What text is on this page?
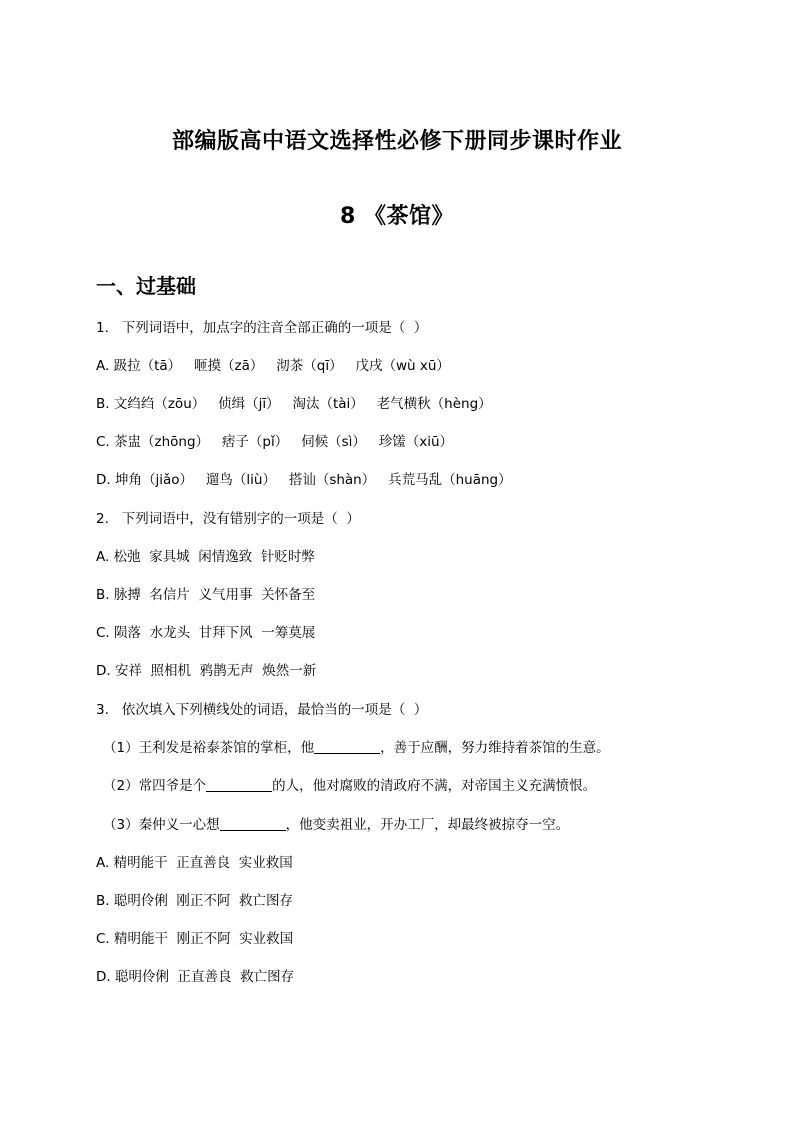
部编版高中语文选择性必修下册同步课时作业
8 《茶馆》
一、过基础
1.   下列词语中，加点字的注音全部正确的一项是（  ）
A. 趿拉（tā）   咂摸（zā）   沏茶（qī）   戊戌（wù xū）
B. 文绉绉（zōu）   侦缉（jī）   淘汰（tài）   老气横秋（hèng）
C. 茶盅（zhōng）   痞子（pǐ）   伺候（sì）   珍馐（xiū）
D. 坤角（jiǎo）   遛鸟（liù）   搭讪（shàn）   兵荒马乱（huāng）
2.   下列词语中，没有错别字的一项是（  ）
A. 松弛  家具城  闲情逸致  针贬时弊
B. 脉搏  名信片  义气用事  关怀备至
C. 陨落  水龙头  甘拜下风  一筹莫展
D. 安祥  照相机  鸦鹊无声  焕然一新
3.   依次填入下列横线处的词语，最恰当的一项是（  ）
（1）王利发是裕泰茶馆的掌柜，他	，善于应酬，努力维持着茶馆的生意。
（2）常四爷是个	的人，他对腐败的清政府不满，对帝国主义充满愤恨。
（3）秦仲义一心想	，他变卖祖业，开办工厂，却最终被掠夺一空。
A. 精明能干  正直善良  实业救国
B. 聪明伶俐  刚正不阿  救亡图存
C. 精明能干  刚正不阿  实业救国
D. 聪明伶俐  正直善良  救亡图存
